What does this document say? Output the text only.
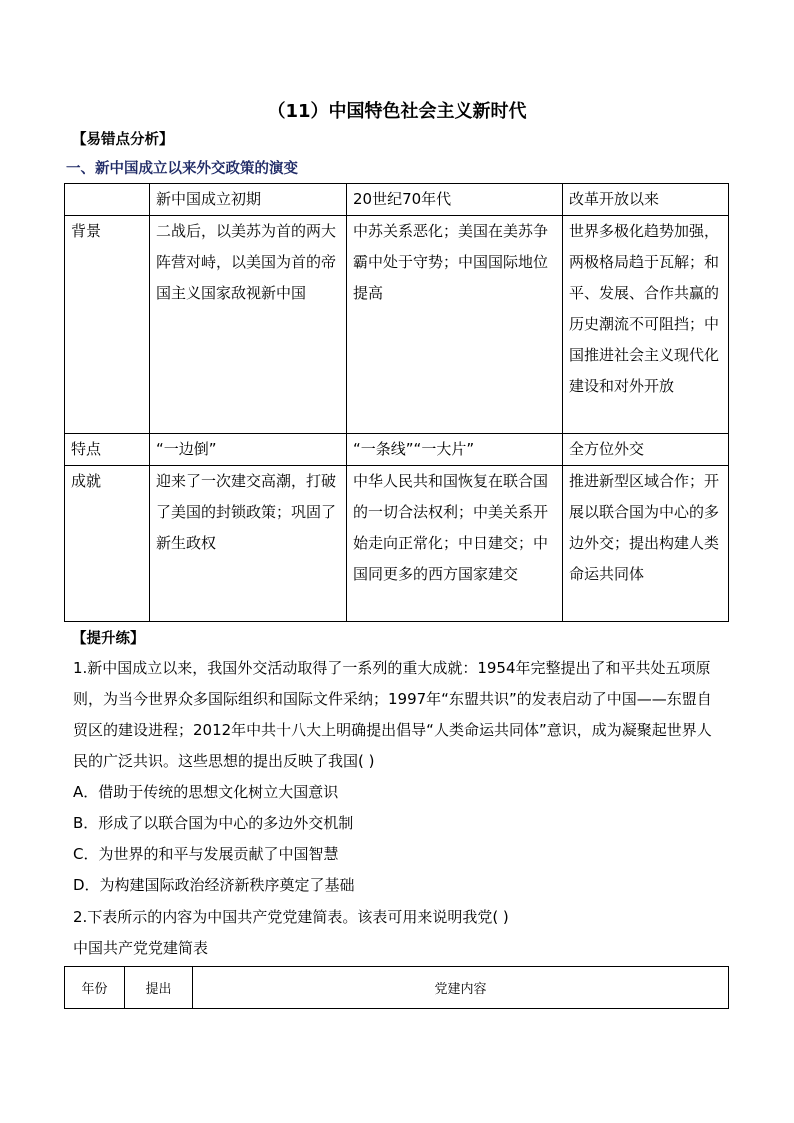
（11）中国特色社会主义新时代
【易错点分析】
一、新中国成立以来外交政策的演变
	新中国成立初期	20世纪70年代	改革开放以来
背景	二战后，以美苏为首的两大阵营对峙，以美国为首的帝国主义国家敌视新中国	中苏关系恶化；美国在美苏争霸中处于守势；中国国际地位提高	世界多极化趋势加强，两极格局趋于瓦解；和平、发展、合作共赢的历史潮流不可阻挡；中国推进社会主义现代化建设和对外开放
特点	“一边倒”	“一条线”“一大片”	全方位外交
成就	迎来了一次建交高潮，打破了美国的封锁政策；巩固了新生政权	中华人民共和国恢复在联合国的一切合法权利；中美关系开始走向正常化；中日建交；中国同更多的西方国家建交	推进新型区域合作；开展以联合国为中心的多边外交；提出构建人类命运共同体
【提升练】
1.新中国成立以来，我国外交活动取得了一系列的重大成就：1954年完整提出了和平共处五项原则，为当今世界众多国际组织和国际文件采纳；1997年“东盟共识”的发表启动了中国——东盟自贸区的建设进程；2012年中共十八大上明确提出倡导“人类命运共同体”意识，成为凝聚起世界人民的广泛共识。这些思想的提出反映了我国( )
A．借助于传统的思想文化树立大国意识
B．形成了以联合国为中心的多边外交机制
C．为世界的和平与发展贡献了中国智慧
D．为构建国际政治经济新秩序奠定了基础
2.下表所示的内容为中国共产党党建简表。该表可用来说明我党( )
中国共产党党建简表
年份	提出	党建内容
